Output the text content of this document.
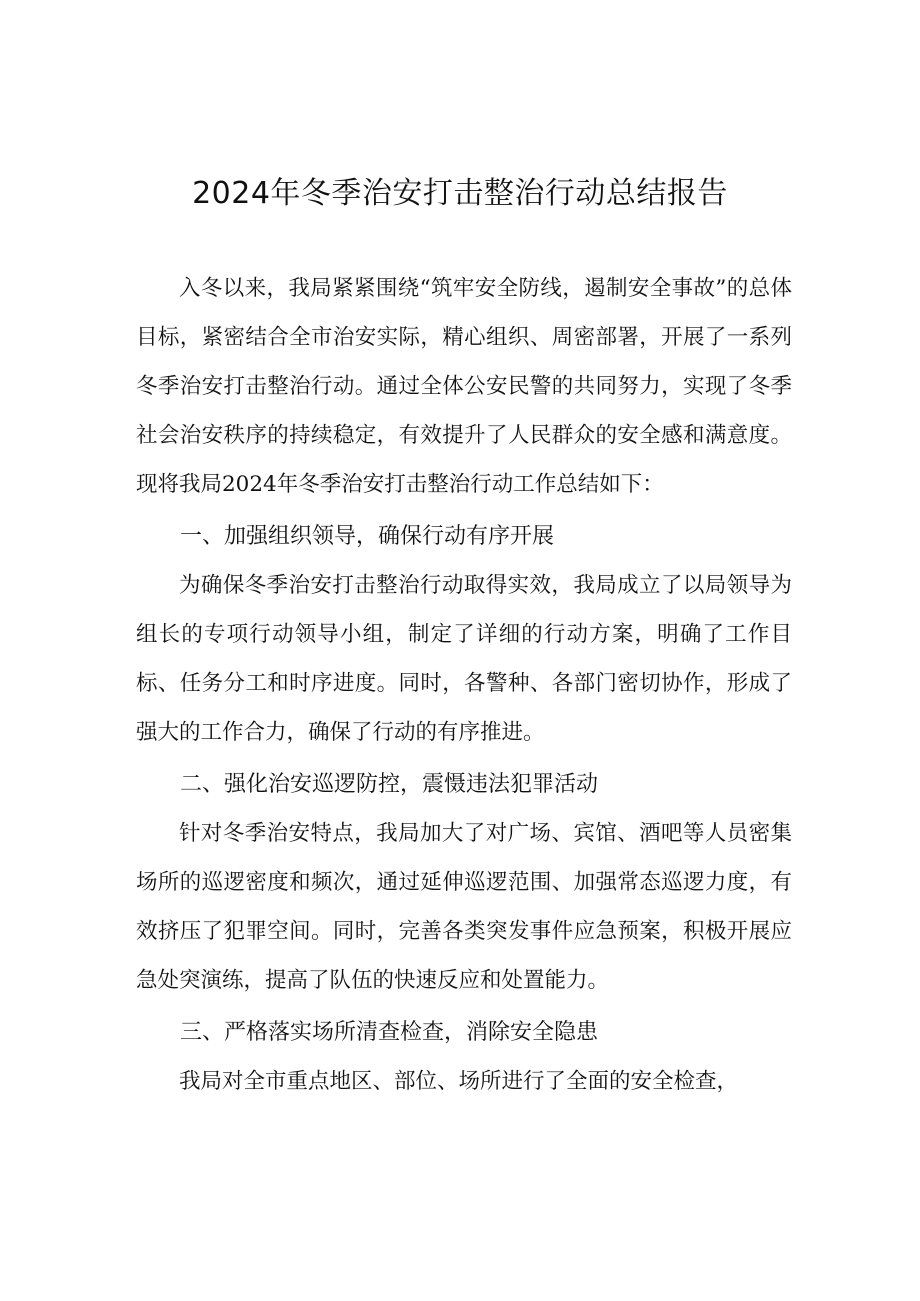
2024年冬季治安打击整治行动总结报告

入冬以来，我局紧紧围绕“筑牢安全防线，遏制安全事故”的总体目标，紧密结合全市治安实际，精心组织、周密部署，开展了一系列冬季治安打击整治行动。通过全体公安民警的共同努力，实现了冬季社会治安秩序的持续稳定，有效提升了人民群众的安全感和满意度。现将我局2024年冬季治安打击整治行动工作总结如下：

一、加强组织领导，确保行动有序开展

为确保冬季治安打击整治行动取得实效，我局成立了以局领导为组长的专项行动领导小组，制定了详细的行动方案，明确了工作目标、任务分工和时序进度。同时，各警种、各部门密切协作，形成了强大的工作合力，确保了行动的有序推进。

二、强化治安巡逻防控，震慑违法犯罪活动

针对冬季治安特点，我局加大了对广场、宾馆、酒吧等人员密集场所的巡逻密度和频次，通过延伸巡逻范围、加强常态巡逻力度，有效挤压了犯罪空间。同时，完善各类突发事件应急预案，积极开展应急处突演练，提高了队伍的快速反应和处置能力。

三、严格落实场所清查检查，消除安全隐患

我局对全市重点地区、部位、场所进行了全面的安全检查，
